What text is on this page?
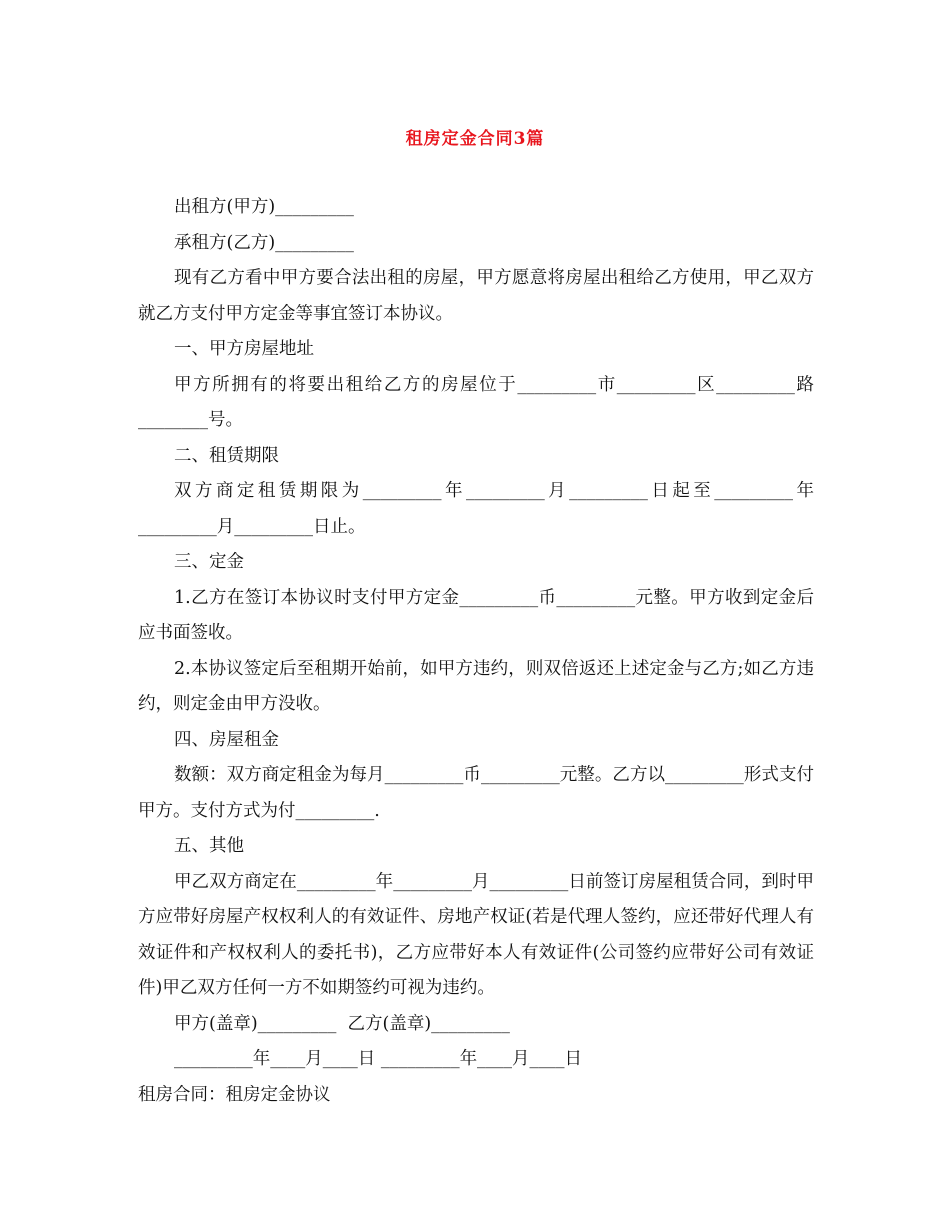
租房定金合同3篇

出租方(甲方)_________

承租方(乙方)_________

现有乙方看中甲方要合法出租的房屋，甲方愿意将房屋出租给乙方使用，甲乙双方就乙方支付甲方定金等事宜签订本协议。

一、甲方房屋地址

甲方所拥有的将要出租给乙方的房屋位于_________市_________区_________路________号。

二、租赁期限

双方商定租赁期限为_________年_________月_________日起至_________年_________月_________日止。

三、定金

1.乙方在签订本协议时支付甲方定金_________币_________元整。甲方收到定金后应书面签收。

2.本协议签定后至租期开始前，如甲方违约，则双倍返还上述定金与乙方;如乙方违约，则定金由甲方没收。

四、房屋租金

数额：双方商定租金为每月_________币_________元整。乙方以_________形式支付甲方。支付方式为付_________.

五、其他

甲乙双方商定在_________年_________月_________日前签订房屋租赁合同，到时甲方应带好房屋产权权利人的有效证件、房地产权证(若是代理人签约，应还带好代理人有效证件和产权权利人的委托书)，乙方应带好本人有效证件(公司签约应带好公司有效证件)甲乙双方任何一方不如期签约可视为违约。

甲方(盖章)_________  乙方(盖章)_________

_________年____月____日 _________年____月____日

租房合同：租房定金协议
